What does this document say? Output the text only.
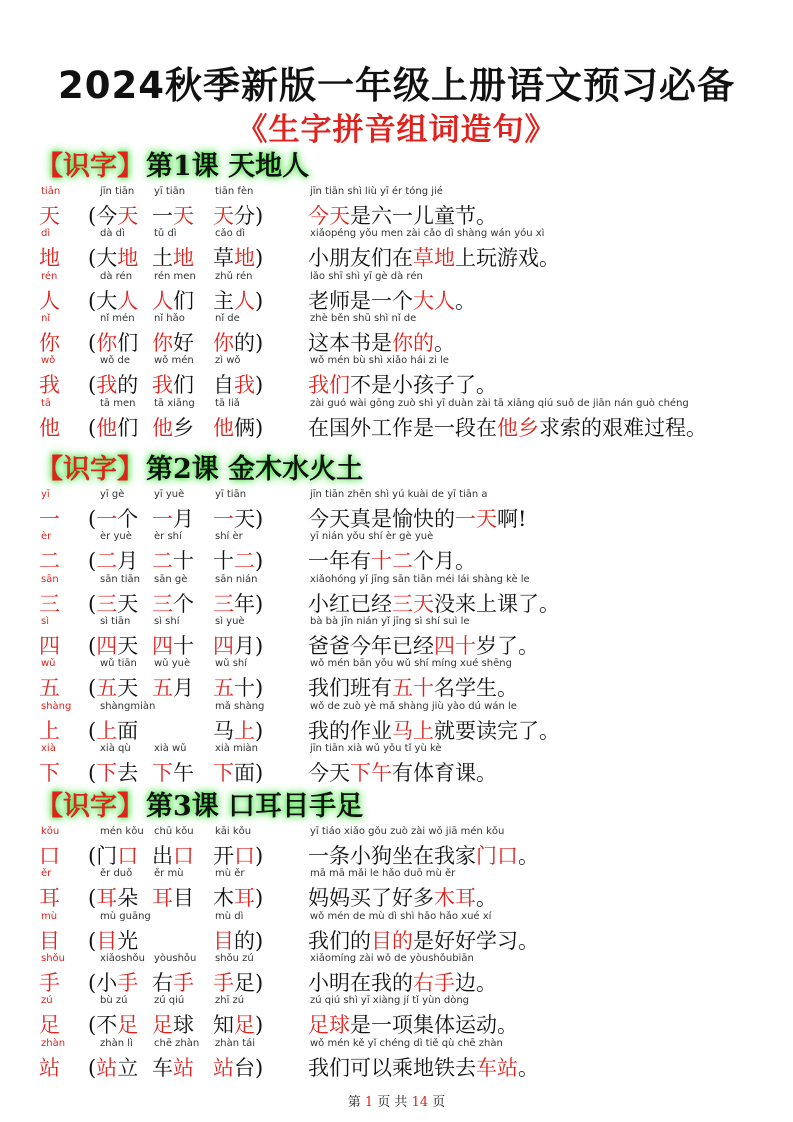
2024秋季新版一年级上册语文预习必备
《生字拼音组词造句》
【识字】 第1课 天地人
tiān
天
jīn tiān
(今天
yī tiān
一天
tiān fèn
天分)
jīn tiān shì liù yī ér tóng jié
今天是六一儿童节。
dì
地
dà dì
(大地
tǔ dì
土地
cǎo dì
草地)
xiǎopéng yǒu men zài cǎo dì shàng wán yóu xì
小朋友们在草地上玩游戏。
rén
人
dà rén
(大人
rén men
人们
zhǔ rén
主人)
lǎo shī shì yī gè dà rén
老师是一个大人。
nǐ
你
nǐ mén
(你们
nǐ hǎo
你好
nǐ de
你的)
zhè běn shū shì nǐ de
这本书是你的。
wǒ
我
wǒ de
(我的
wǒ mén
我们
zì wǒ
自我)
wǒ mén bù shì xiǎo hái zi le
我们不是小孩子了。
tā
他
tā men
(他们
tā xiāng
他乡
tā liǎ
他俩)
zài guó wài gōng zuò shì yī duàn zài tā xiāng qiú suǒ de jiān nán guò chéng
在国外工作是一段在他乡求索的艰难过程。
【识字】 第2课 金木水火土
yī
一
yī gè
(一个
yī yuè
一月
yī tiān
一天)
jīn tiān zhēn shì yú kuài de yī tiān a
今天真是愉快的一天啊!
èr
二
èr yuè
(二月
èr shí
二十
shí èr
十二)
yī nián yǒu shí èr gè yuè
一年有十二个月。
sān
三
sān tiān
(三天
sān gè
三个
sān nián
三年)
xiǎohóng yǐ jīng sān tiān méi lái shàng kè le
小红已经三天没来上课了。
sì
四
sì tiān
(四天
sì shí
四十
sì yuè
四月)
bà bà jīn nián yǐ jīng sì shí suì le
爸爸今年已经四十岁了。
wǔ
五
wǔ tiān
(五天
wǔ yuè
五月
wǔ shí
五十)
wǒ mén bān yǒu wǔ shí míng xué shēng
我们班有五十名学生。
shàng
上
shàngmiàn
(上面
mǎ shàng
马上)
wǒ de zuò yè mǎ shàng jiù yào dú wán le
我的作业马上就要读完了。
xià
下
xià qù
(下去
xià wǔ
下午
xià miàn
下面)
jīn tiān xià wǔ yǒu tǐ yù kè
今天下午有体育课。
【识字】 第3课 口耳目手足
kǒu
口
mén kǒu
(门口
chū kǒu
出口
kāi kǒu
开口)
yī tiáo xiǎo gǒu zuò zài wǒ jiā mén kǒu
一条小狗坐在我家门口。
ěr
耳
ěr duǒ
(耳朵
ěr mù
耳目
mù ěr
木耳)
mā mā mǎi le hǎo duō mù ěr
妈妈买了好多木耳。
mù
目
mù guāng
(目光
mù dì
目的)
wǒ mén de mù dì shì hǎo hǎo xué xí
我们的目的是好好学习。
shǒu
手
xiǎoshǒu
(小手
yòushǒu
右手
shǒu zú
手足)
xiǎomíng zài wǒ de yòushǒubiān
小明在我的右手边。
zú
足
bù zú
(不足
zú qiú
足球
zhī zú
知足)
zú qiú shì yī xiàng jí tǐ yùn dòng
足球是一项集体运动。
zhàn
站
zhàn lì
(站立
chē zhàn
车站
zhàn tái
站台)
wǒ mén kě yǐ chéng dì tiě qù chē zhàn
我们可以乘地铁去车站。
第 1 页 共 14 页
